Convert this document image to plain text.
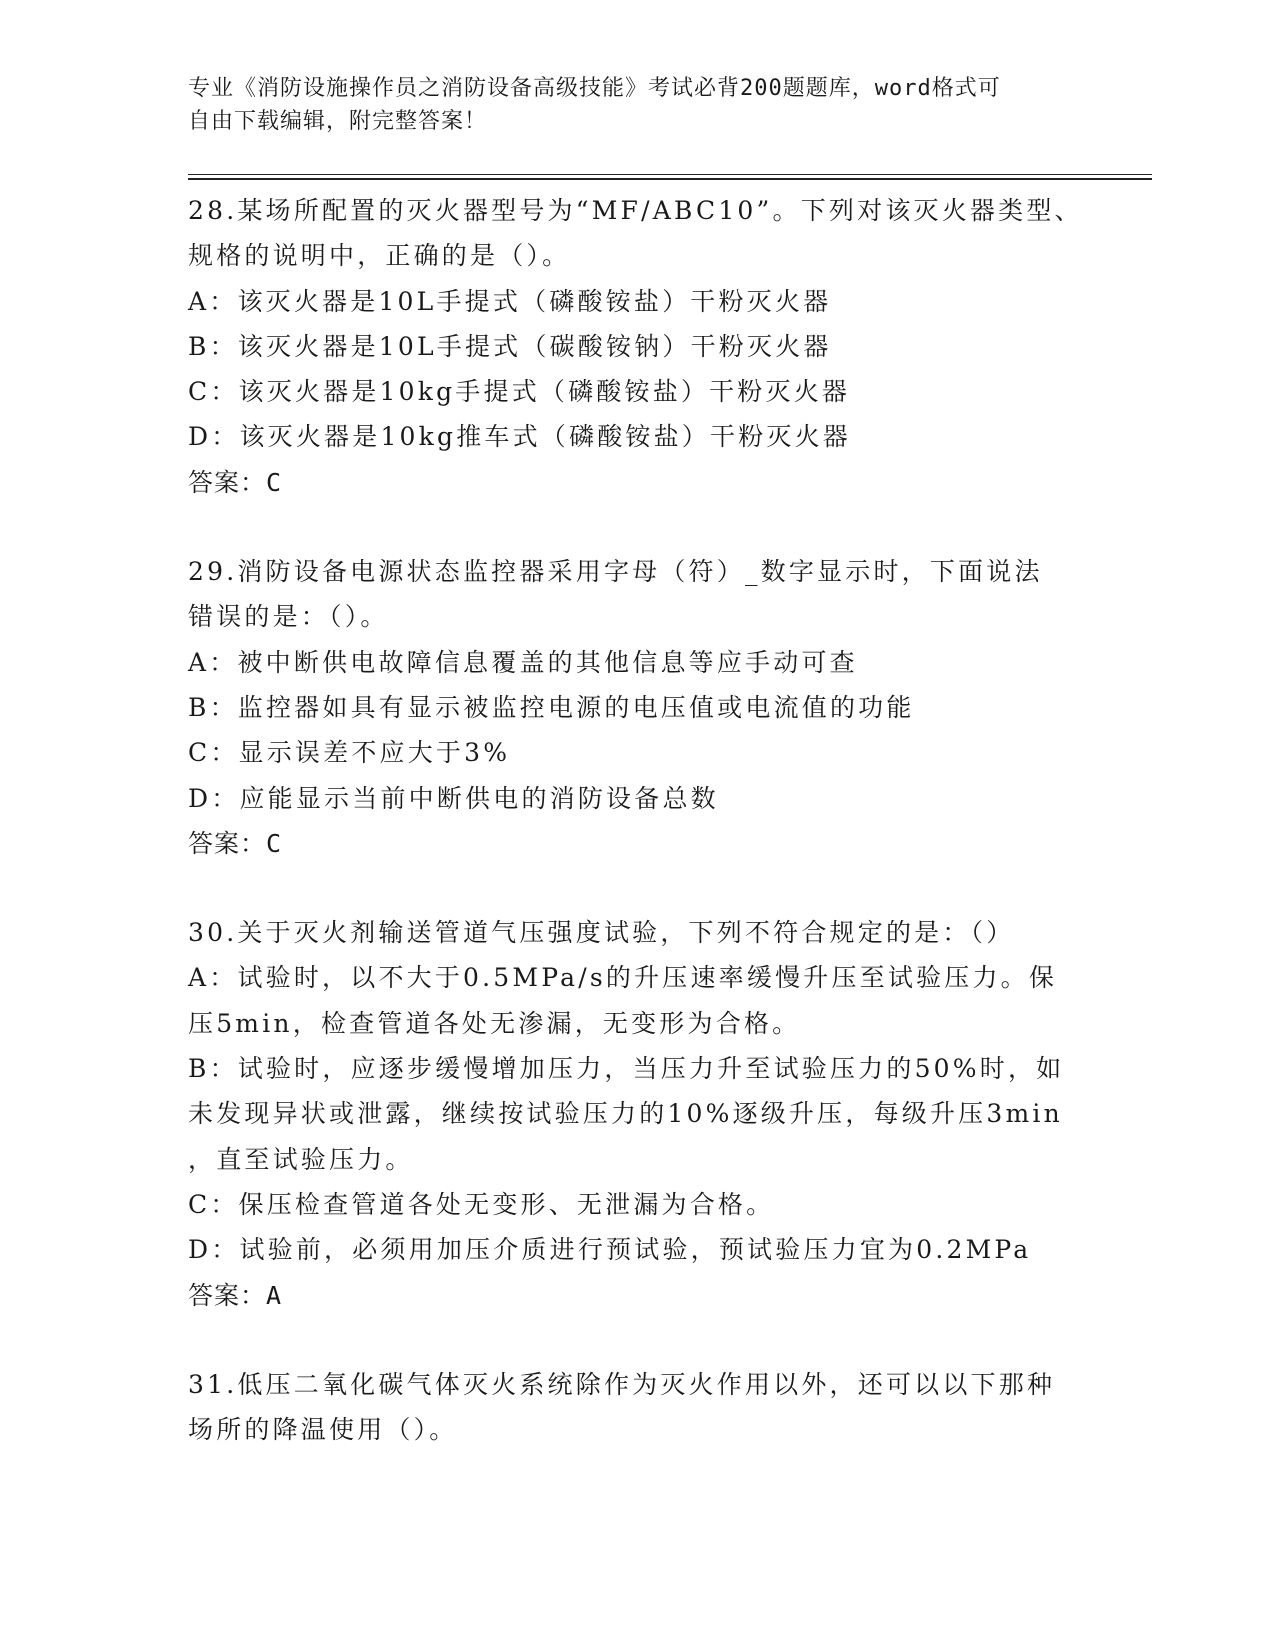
专业《消防设施操作员之消防设备高级技能》考试必背200题题库，word格式可

自由下载编辑，附完整答案！

28.某场所配置的灭火器型号为“MF/ABC10”。下列对该灭火器类型、

规格的说明中，正确的是（）。

A：该灭火器是10L手提式（磷酸铵盐）干粉灭火器

B：该灭火器是10L手提式（碳酸铵钠）干粉灭火器

C：该灭火器是10kg手提式（磷酸铵盐）干粉灭火器

D：该灭火器是10kg推车式（磷酸铵盐）干粉灭火器

答案：C

29.消防设备电源状态监控器采用字母（符）_数字显示时，下面说法

错误的是：（）。

A：被中断供电故障信息覆盖的其他信息等应手动可查

B：监控器如具有显示被监控电源的电压值或电流值的功能

C：显示误差不应大于3%

D：应能显示当前中断供电的消防设备总数

答案：C

30.关于灭火剂输送管道气压强度试验，下列不符合规定的是：（）

A：试验时，以不大于0.5MPa/s的升压速率缓慢升压至试验压力。保

压5min，检查管道各处无渗漏，无变形为合格。

B：试验时，应逐步缓慢增加压力，当压力升至试验压力的50%时，如

未发现异状或泄露，继续按试验压力的10%逐级升压，每级升压3min

，直至试验压力。

C：保压检查管道各处无变形、无泄漏为合格。

D：试验前，必须用加压介质进行预试验，预试验压力宜为0.2MPa

答案：A

31.低压二氧化碳气体灭火系统除作为灭火作用以外，还可以以下那种

场所的降温使用（）。
